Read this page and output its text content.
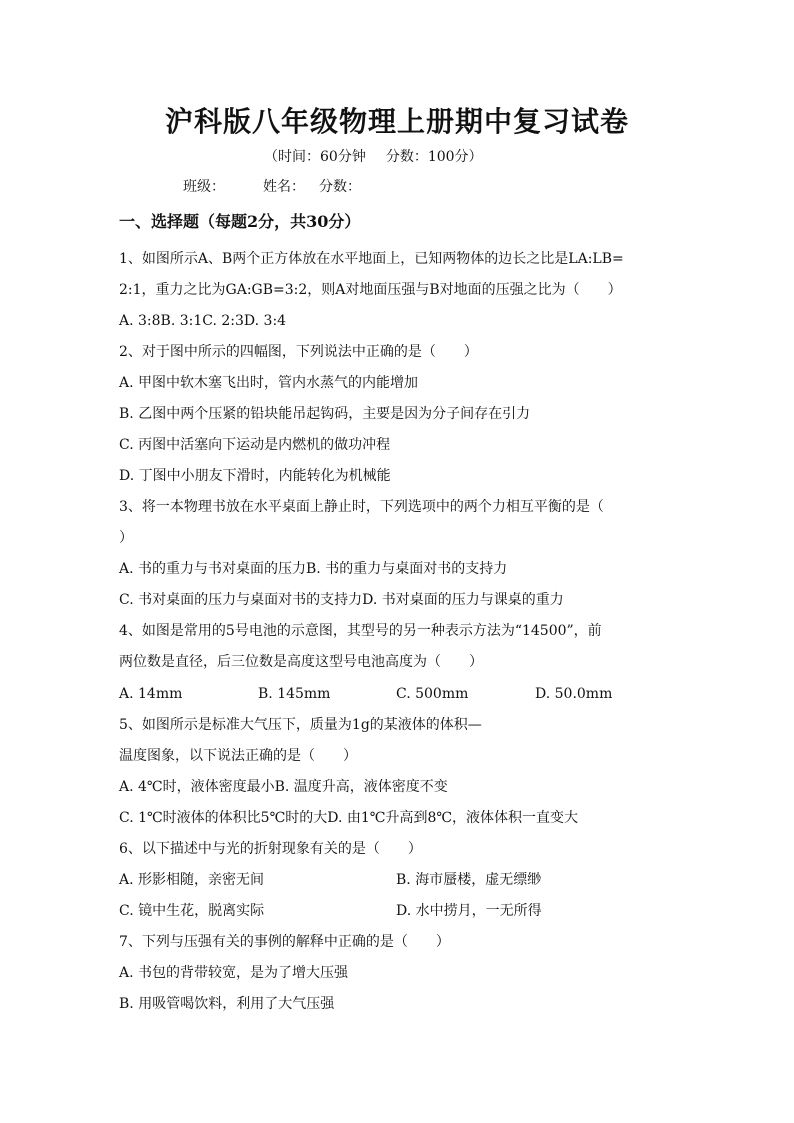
沪科版八年级物理上册期中复习试卷
（时间：60分钟 分数：100分）
班级：	姓名： 分数：
一、选择题（每题2分，共30分）
1、如图所示A、B两个正方体放在水平地面上，已知两物体的边长之比是LA:LB=
2:1，重力之比为GA:GB=3:2，则A对地面压强与B对地面的压强之比为（　　）
A. 3:8B. 3:1C. 2:3D. 3:4
2、对于图中所示的四幅图，下列说法中正确的是（　　）
A. 甲图中软木塞飞出时，管内水蒸气的内能增加
B. 乙图中两个压紧的铅块能吊起钩码，主要是因为分子间存在引力
C. 丙图中活塞向下运动是内燃机的做功冲程
D. 丁图中小朋友下滑时，内能转化为机械能
3、将一本物理书放在水平桌面上静止时，下列选项中的两个力相互平衡的是（
）
A. 书的重力与书对桌面的压力B. 书的重力与桌面对书的支持力
C. 书对桌面的压力与桌面对书的支持力D. 书对桌面的压力与课桌的重力
4、如图是常用的5号电池的示意图，其型号的另一种表示方法为“14500”，前
两位数是直径，后三位数是高度这型号电池高度为（　　）
A. 14mm	B. 145mm	C. 500mm	D. 50.0mm
5、如图所示是标准大气压下，质量为1g的某液体的体积—
温度图象，以下说法正确的是（　　）
A. 4℃时，液体密度最小B. 温度升高，液体密度不变
C. 1℃时液体的体积比5℃时的大D. 由1℃升高到8℃，液体体积一直变大
6、以下描述中与光的折射现象有关的是（　　）
A. 形影相随，亲密无间	B. 海市蜃楼，虚无缥缈
C. 镜中生花，脱离实际	D. 水中捞月，一无所得
7、下列与压强有关的事例的解释中正确的是（　　）
A. 书包的背带较宽，是为了增大压强
B. 用吸管喝饮料，利用了大气压强
